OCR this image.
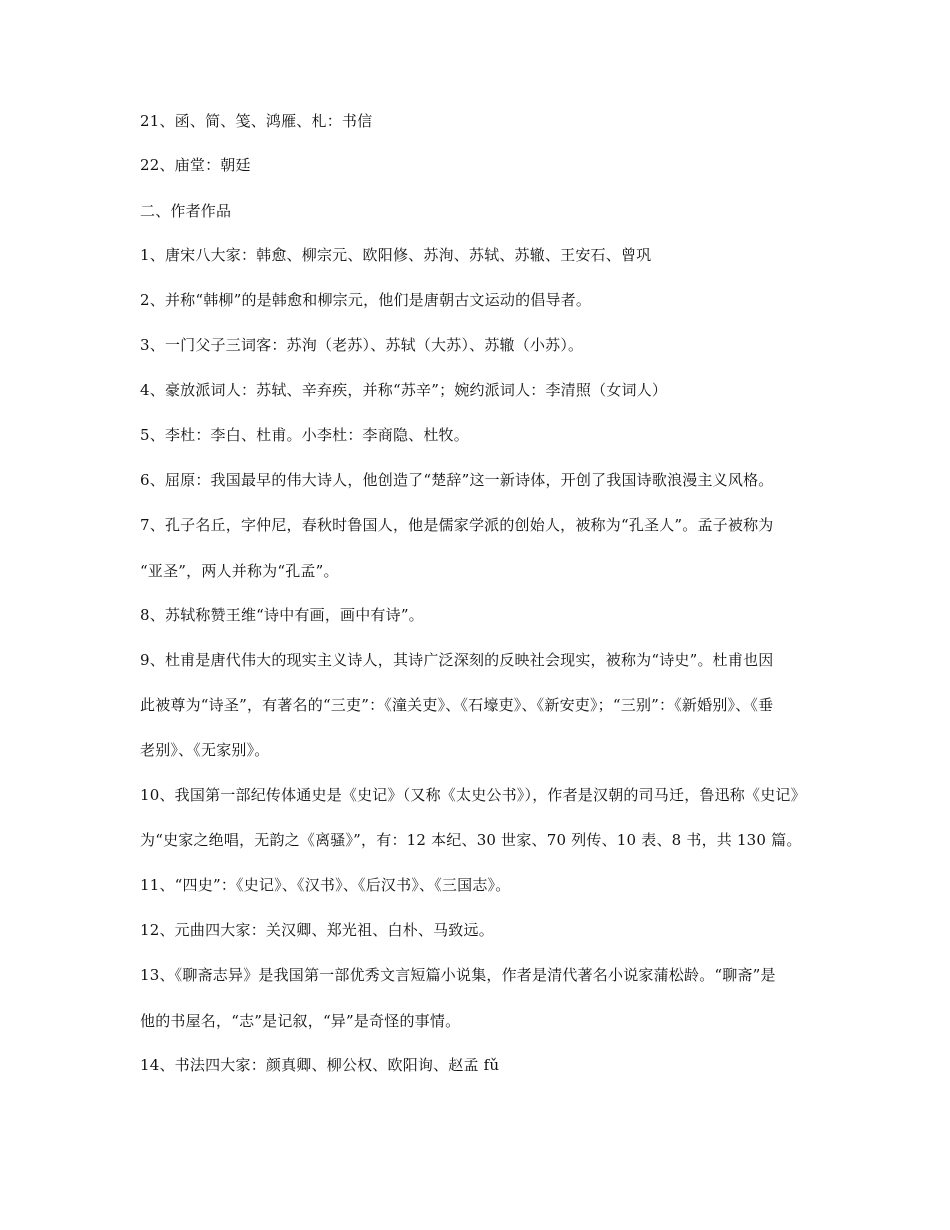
21、函、简、笺、鸿雁、札：书信
22、庙堂：朝廷
二、作者作品
1、唐宋八大家：韩愈、柳宗元、欧阳修、苏洵、苏轼、苏辙、王安石、曾巩
2、并称“韩柳”的是韩愈和柳宗元，他们是唐朝古文运动的倡导者。
3、一门父子三词客：苏洵（老苏）、苏轼（大苏）、苏辙（小苏）。
4、豪放派词人：苏轼、辛弃疾，并称“苏辛”；婉约派词人：李清照（女词人）
5、李杜：李白、杜甫。小李杜：李商隐、杜牧。
6、屈原：我国最早的伟大诗人，他创造了“楚辞”这一新诗体，开创了我国诗歌浪漫主义风格。
7、孔子名丘，字仲尼，春秋时鲁国人，他是儒家学派的创始人，被称为“孔圣人”。孟子被称为
“亚圣”，两人并称为“孔孟”。
8、苏轼称赞王维“诗中有画，画中有诗”。
9、杜甫是唐代伟大的现实主义诗人，其诗广泛深刻的反映社会现实，被称为“诗史”。杜甫也因
此被尊为“诗圣”，有著名的“三吏”：《潼关吏》、《石壕吏》、《新安吏》；“三别”：《新婚别》、《垂
老别》、《无家别》。
10、我国第一部纪传体通史是《史记》（又称《太史公书》），作者是汉朝的司马迁，鲁迅称《史记》
为“史家之绝唱，无韵之《离骚》”，有：12 本纪、30 世家、70 列传、10 表、8 书，共 130 篇。
11、“四史”：《史记》、《汉书》、《后汉书》、《三国志》。
12、元曲四大家：关汉卿、郑光祖、白朴、马致远。
13、《聊斋志异》是我国第一部优秀文言短篇小说集，作者是清代著名小说家蒲松龄。“聊斋”是
他的书屋名，“志”是记叙，“异”是奇怪的事情。
14、书法四大家：颜真卿、柳公权、欧阳询、赵孟 fǔ
